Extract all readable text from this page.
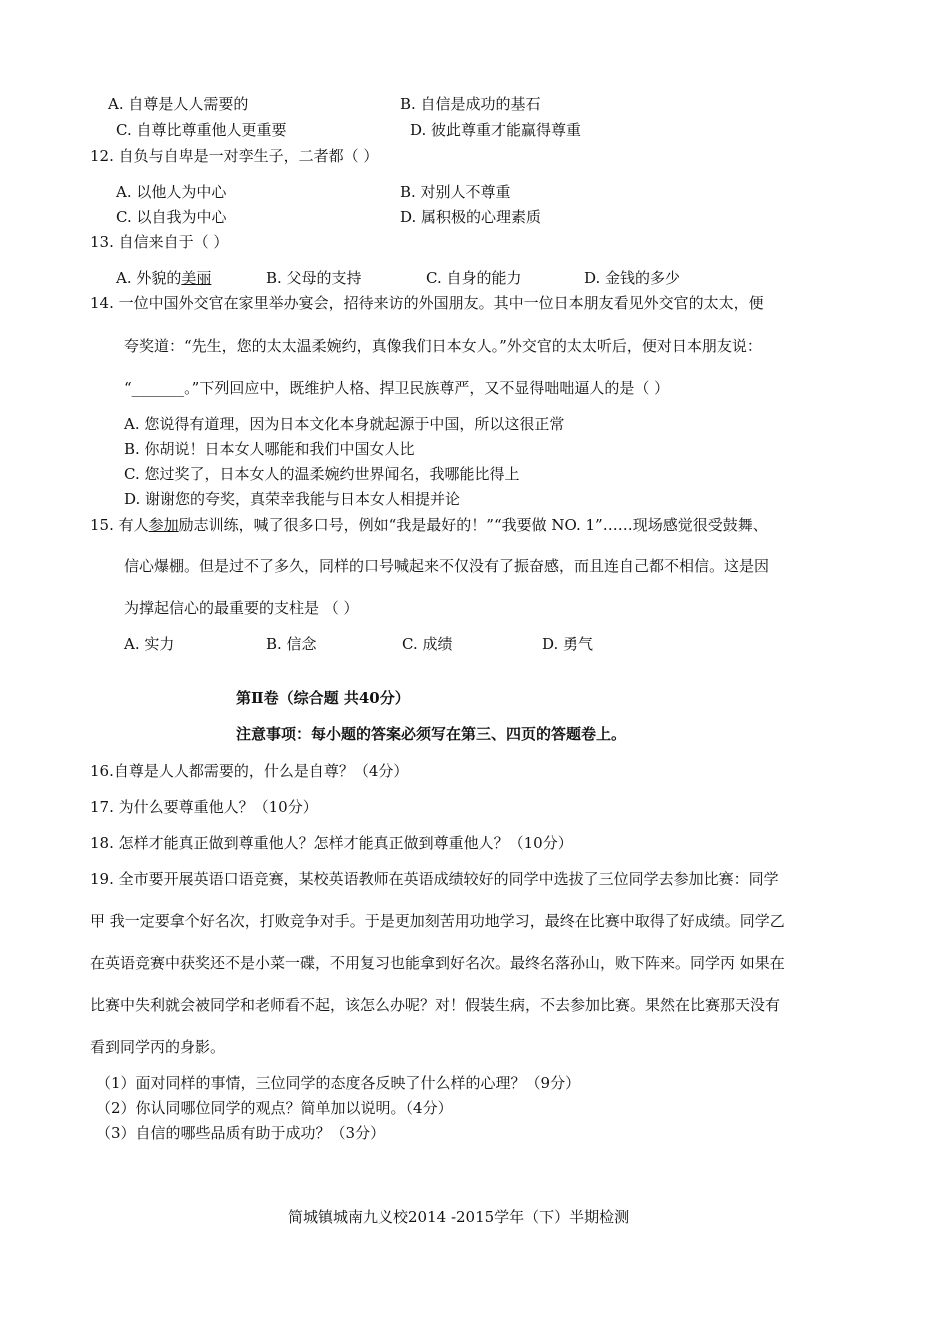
A. 自尊是人人需要的	B. 自信是成功的基石
C. 自尊比尊重他人更重要	D. 彼此尊重才能赢得尊重
12. 自负与自卑是一对孪生子，二者都（ ）
A. 以他人为中心	B. 对别人不尊重
C. 以自我为中心	D. 属积极的心理素质
13. 自信来自于（ ）
A. 外貌的美丽	B. 父母的支持	C. 自身的能力	D. 金钱的多少
14. 一位中国外交官在家里举办宴会，招待来访的外国朋友。其中一位日本朋友看见外交官的太太，便
夸奖道：“先生，您的太太温柔婉约，真像我们日本女人。”外交官的太太听后，便对日本朋友说：
“_______。”下列回应中，既维护人格、捍卫民族尊严，又不显得咄咄逼人的是（ ）
A. 您说得有道理，因为日本文化本身就起源于中国，所以这很正常
B. 你胡说！日本女人哪能和我们中国女人比
C. 您过奖了，日本女人的温柔婉约世界闻名，我哪能比得上
D. 谢谢您的夸奖，真荣幸我能与日本女人相提并论
15. 有人参加励志训练，喊了很多口号，例如“我是最好的！”“我要做 NO. 1”……现场感觉很受鼓舞、
信心爆棚。但是过不了多久，同样的口号喊起来不仅没有了振奋感，而且连自己都不相信。这是因
为撑起信心的最重要的支柱是 （ ）
A. 实力	B. 信念	C. 成绩	D. 勇气
第Ⅱ卷（综合题 共40分）
注意事项：每小题的答案必须写在第三、四页的答题卷上。
16.自尊是人人都需要的，什么是自尊？（4分）
17. 为什么要尊重他人？（10分）
18. 怎样才能真正做到尊重他人？怎样才能真正做到尊重他人？（10分）
19. 全市要开展英语口语竞赛，某校英语教师在英语成绩较好的同学中选拔了三位同学去参加比赛：同学
甲 我一定要拿个好名次，打败竞争对手。于是更加刻苦用功地学习，最终在比赛中取得了好成绩。同学乙
在英语竞赛中获奖还不是小菜一碟，不用复习也能拿到好名次。最终名落孙山，败下阵来。同学丙 如果在
比赛中失利就会被同学和老师看不起，该怎么办呢？对！假装生病，不去参加比赛。果然在比赛那天没有
看到同学丙的身影。
（1）面对同样的事情，三位同学的态度各反映了什么样的心理？（9分）
（2）你认同哪位同学的观点？简单加以说明。（4分）
（3）自信的哪些品质有助于成功？（3分）
简城镇城南九义校2014 -2015学年（下）半期检测
